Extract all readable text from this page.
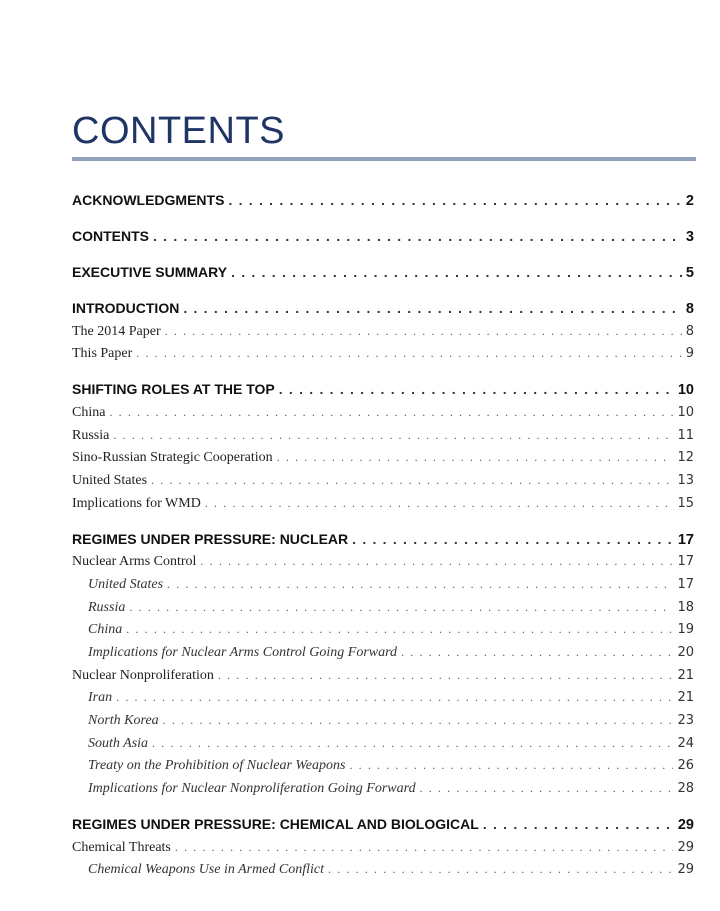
CONTENTS
ACKNOWLEDGMENTS . . .	2
CONTENTS . . .	3
EXECUTIVE SUMMARY . . .	5
INTRODUCTION . . .	8
The 2014 Paper . . .	8
This Paper . . .	9
SHIFTING ROLES AT THE TOP . . .	10
China . . .	10
Russia . . .	11
Sino-Russian Strategic Cooperation . . .	12
United States . . .	13
Implications for WMD . . .	15
REGIMES UNDER PRESSURE: NUCLEAR . . .	17
Nuclear Arms Control . . .	17
United States . . .	17
Russia . . .	18
China . . .	19
Implications for Nuclear Arms Control Going Forward . . .	20
Nuclear Nonproliferation . . .	21
Iran . . .	21
North Korea . . .	23
South Asia . . .	24
Treaty on the Prohibition of Nuclear Weapons . . .	26
Implications for Nuclear Nonproliferation Going Forward . . .	28
REGIMES UNDER PRESSURE: CHEMICAL AND BIOLOGICAL . . .	29
Chemical Threats . . .	29
Chemical Weapons Use in Armed Conflict . . .	29
